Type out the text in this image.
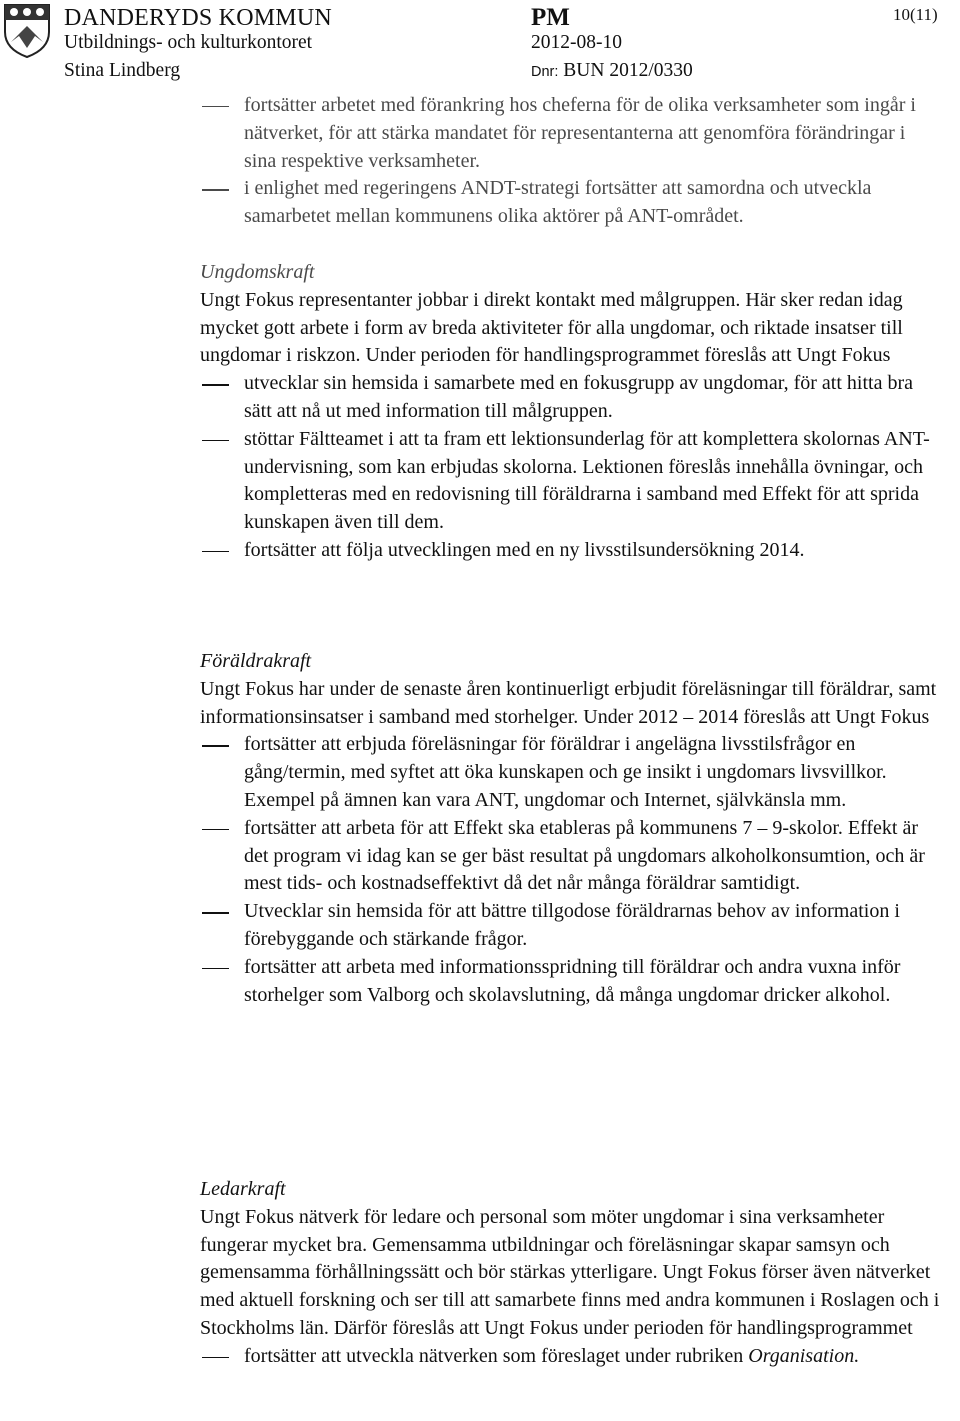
DANDERYDS KOMMUN
Utbildnings- och kulturkontoret
Stina Lindberg
PM
2012-08-10
Dnr: BUN 2012/0330
10(11)
fortsätter arbetet med förankring hos cheferna för de olika verksamheter som ingår i nätverket, för att stärka mandatet för representanterna att genomföra förändringar i sina respektive verksamheter.
i enlighet med regeringens ANDT-strategi fortsätter att samordna och utveckla samarbetet mellan kommunens olika aktörer på ANT-området.

Ungdomskraft

Ungt Fokus representanter jobbar i direkt kontakt med målgruppen. Här sker redan idag mycket gott arbete i form av breda aktiviteter för alla ungdomar, och riktade insatser till ungdomar i riskzon. Under perioden för handlingsprogrammet föreslås att Ungt Fokus

utvecklar sin hemsida i samarbete med en fokusgrupp av ungdomar, för att hitta bra sätt att nå ut med information till målgruppen.
stöttar Fältteamet i att ta fram ett lektionsunderlag för att komplettera skolornas ANT-undervisning, som kan erbjudas skolorna. Lektionen föreslås innehålla övningar, och kompletteras med en redovisning till föräldrarna i samband med Effekt för att sprida kunskapen även till dem.
fortsätter att följa utvecklingen med en ny livsstilsundersökning 2014.

Föräldrakraft

Ungt Fokus har under de senaste åren kontinuerligt erbjudit föreläsningar till föräldrar, samt informationsinsatser i samband med storhelger. Under 2012 – 2014 föreslås att Ungt Fokus

fortsätter att erbjuda föreläsningar för föräldrar i angelägna livsstilsfrågor en gång/termin, med syftet att öka kunskapen och ge insikt i ungdomars livsvillkor. Exempel på ämnen kan vara ANT, ungdomar och Internet, självkänsla mm.
fortsätter att arbeta för att Effekt ska etableras på kommunens 7 – 9-skolor. Effekt är det program vi idag kan se ger bäst resultat på ungdomars alkoholkonsumtion, och är mest tids- och kostnadseffektivt då det når många föräldrar samtidigt.
Utvecklar sin hemsida för att bättre tillgodose föräldrarnas behov av information i förebyggande och stärkande frågor.
fortsätter att arbeta med informationsspridning till föräldrar och andra vuxna inför storhelger som Valborg och skolavslutning, då många ungdomar dricker alkohol.

Ledarkraft

Ungt Fokus nätverk för ledare och personal som möter ungdomar i sina verksamheter fungerar mycket bra. Gemensamma utbildningar och föreläsningar skapar samsyn och gemensamma förhållningssätt och bör stärkas ytterligare. Ungt Fokus förser även nätverket med aktuell forskning och ser till att samarbete finns med andra kommunen i Roslagen och i Stockholms län. Därför föreslås att Ungt Fokus under perioden för handlingsprogrammet

fortsätter att utveckla nätverken som föreslaget under rubriken Organisation.
